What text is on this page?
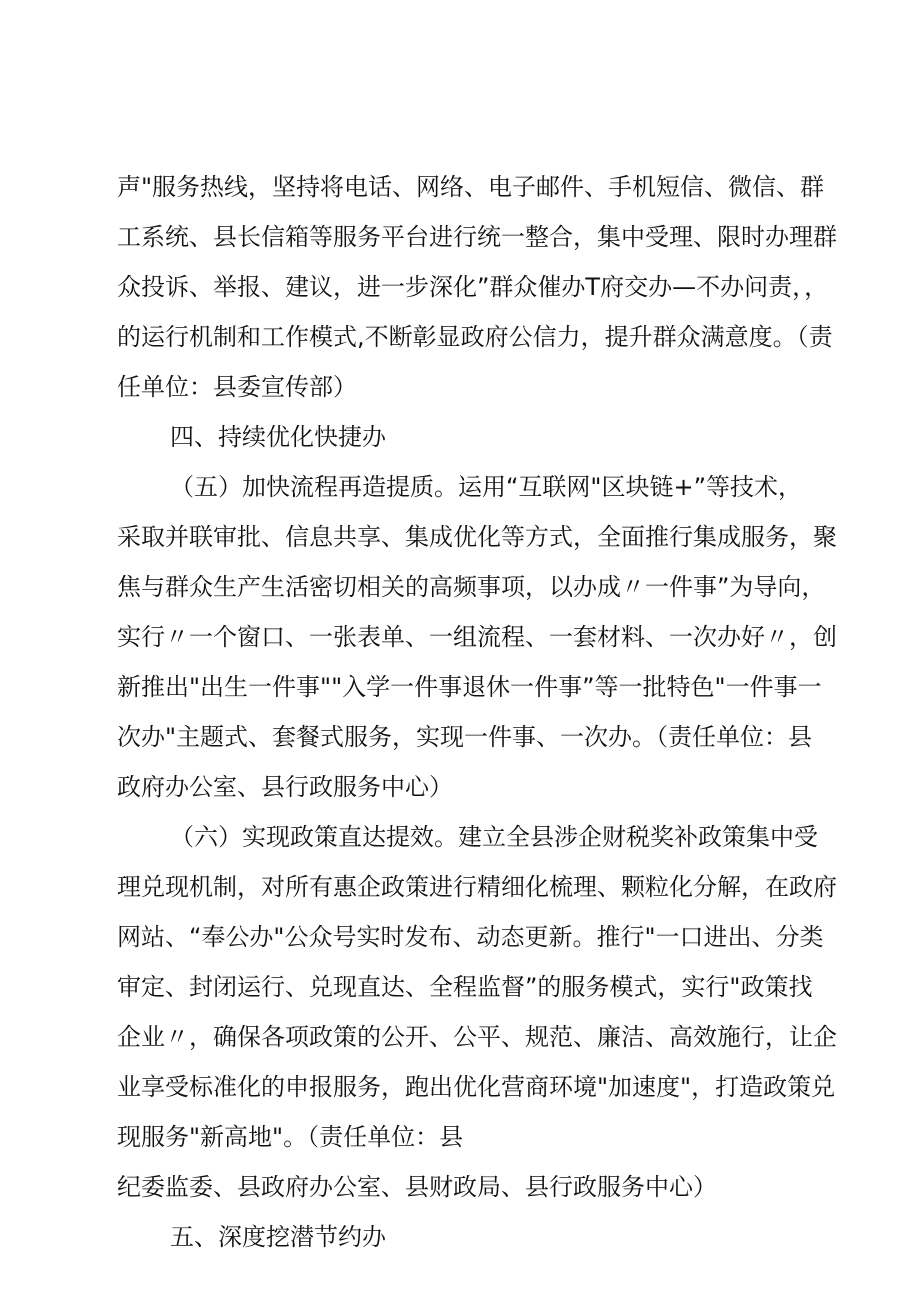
声"服务热线，坚持将电话、网络、电子邮件、手机短信、微信、群
工系统、县长信箱等服务平台进行统一整合，集中受理、限时办理群
众投诉、举报、建议，进一步深化”群众催办T府交办—不办问责，，
的运行机制和工作模式,不断彰显政府公信力，提升群众满意度。（责
任单位：县委宣传部）
四、持续优化快捷办
（五）加快流程再造提质。运用“互联网"区块链+”等技术，
采取并联审批、信息共享、集成优化等方式，全面推行集成服务，聚
焦与群众生产生活密切相关的高频事项，以办成〃一件事”为导向，
实行〃一个窗口、一张表单、一组流程、一套材料、一次办好〃，创
新推出"出生一件事""入学一件事退休一件事”等一批特色"一件事一
次办"主题式、套餐式服务，实现一件事、一次办。（责任单位：县
政府办公室、县行政服务中心）
（六）实现政策直达提效。建立全县涉企财税奖补政策集中受
理兑现机制，对所有惠企政策进行精细化梳理、颗粒化分解，在政府
网站、“奉公办"公众号实时发布、动态更新。推行"一口进出、分类
审定、封闭运行、兑现直达、全程监督”的服务模式，实行"政策找
企业〃，确保各项政策的公开、公平、规范、廉洁、高效施行，让企
业享受标准化的申报服务，跑出优化营商环境"加速度"，打造政策兑
现服务"新高地"。（责任单位：县
纪委监委、县政府办公室、县财政局、县行政服务中心）
五、深度挖潜节约办
